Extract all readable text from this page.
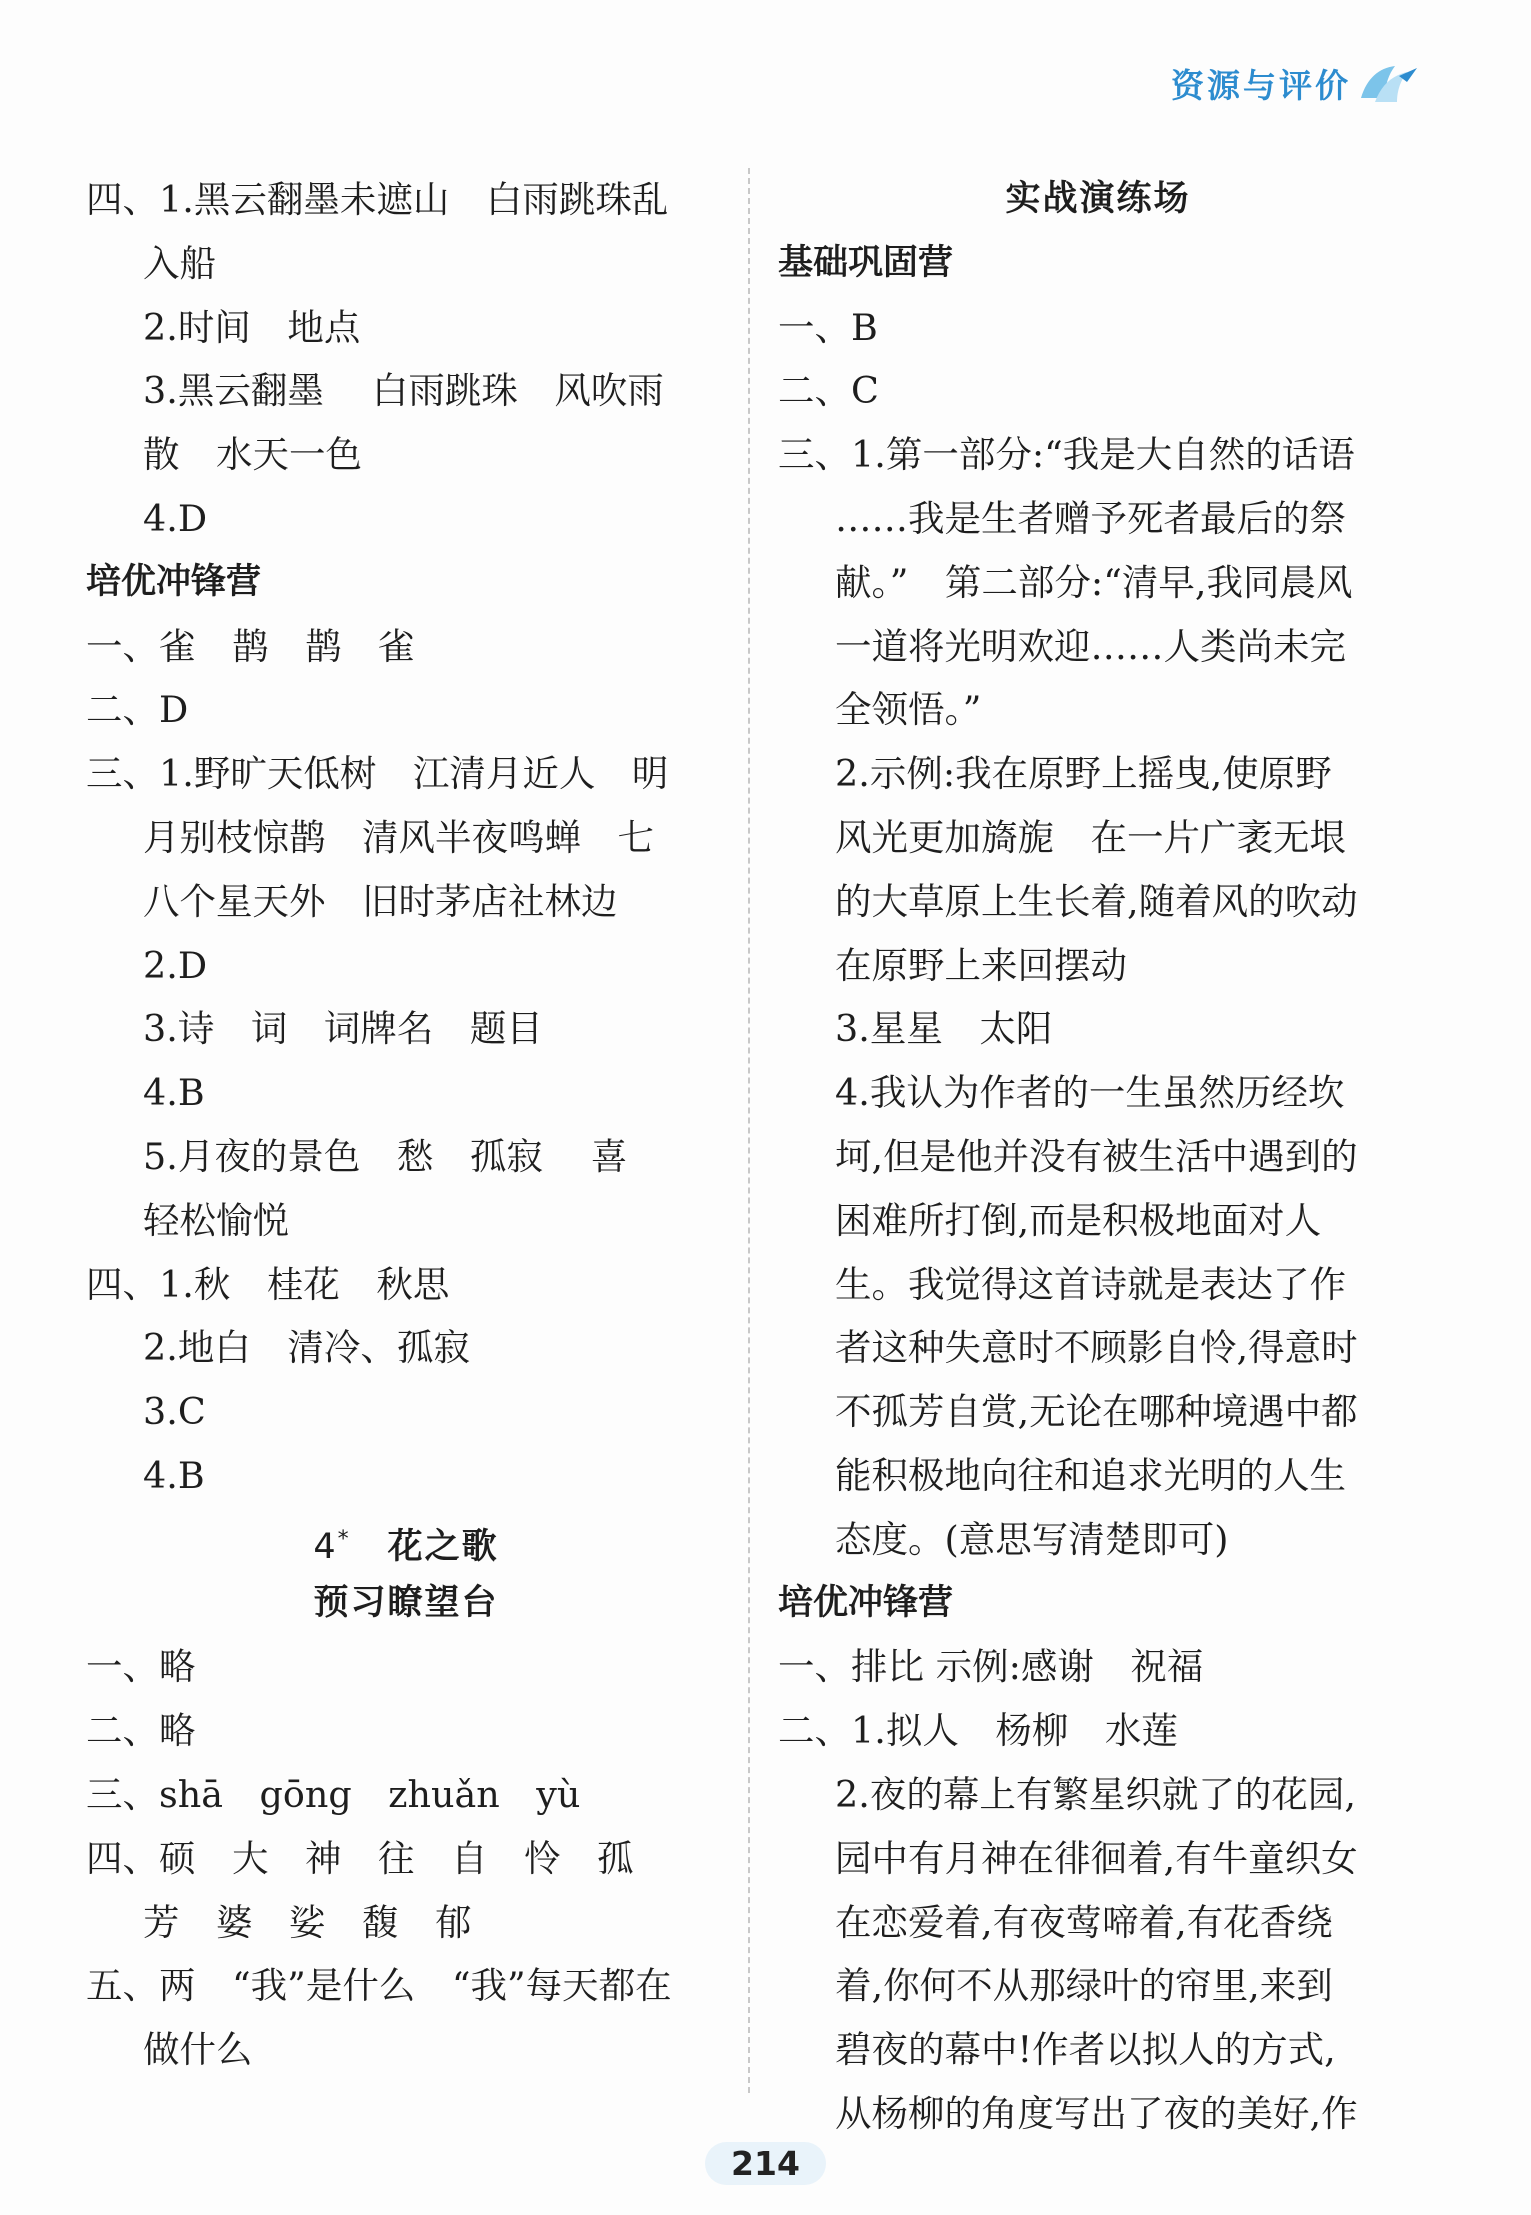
资源与评价
四、1.黑云翻墨未遮山　白雨跳珠乱
入船
2.时间　地点
3.黑云翻墨　 白雨跳珠　风吹雨
散　水天一色
4.D
培优冲锋营
一、雀　鹊　鹊　雀
二、D
三、1.野旷天低树　江清月近人　明
月别枝惊鹊　清风半夜鸣蝉　七
八个星天外　旧时茅店社林边
2.D
3.诗　词　词牌名　题目
4.B
5.月夜的景色　愁　孤寂　 喜
轻松愉悦
四、1.秋　桂花　秋思
2.地白　清冷、孤寂
3.C
4.B
4*  花之歌
预习瞭望台
一、略
二、略
三、shā　gōng　zhuǎn　yù
四、硕　大　神　往　自　怜　孤
芳　婆　娑　馥　郁
五、两　“我”是什么　“我”每天都在
做什么
实战演练场
基础巩固营
一、B
二、C
三、1.第一部分:“我是大自然的话语
……我是生者赠予死者最后的祭
献。”　第二部分:“清早,我同晨风
一道将光明欢迎……人类尚未完
全领悟。”
2.示例:我在原野上摇曳,使原野
风光更加旖旎　在一片广袤无垠
的大草原上生长着,随着风的吹动
在原野上来回摆动
3.星星　太阳
4.我认为作者的一生虽然历经坎
坷,但是他并没有被生活中遇到的
困难所打倒,而是积极地面对人
生。我觉得这首诗就是表达了作
者这种失意时不顾影自怜,得意时
不孤芳自赏,无论在哪种境遇中都
能积极地向往和追求光明的人生
态度。(意思写清楚即可)
培优冲锋营
一、排比 示例:感谢　祝福
二、1.拟人　杨柳　水莲
2.夜的幕上有繁星织就了的花园,
园中有月神在徘徊着,有牛童织女
在恋爱着,有夜莺啼着,有花香绕
着,你何不从那绿叶的帘里,来到
碧夜的幕中!作者以拟人的方式,
从杨柳的角度写出了夜的美好,作
214
